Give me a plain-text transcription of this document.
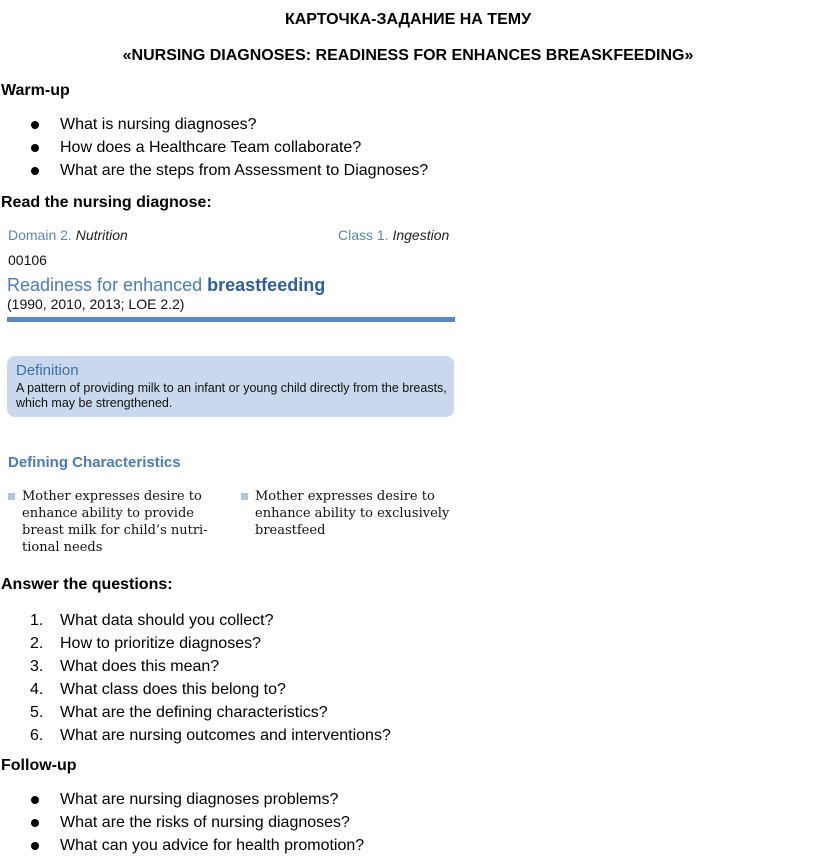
КАРТОЧКА-ЗАДАНИЕ НА ТЕМУ
«NURSING DIAGNOSES: READINESS FOR ENHANCES BREASKFEEDING»
Warm-up
What is nursing diagnoses?
How does a Healthcare Team collaborate?
What are the steps from Assessment to Diagnoses?
Read the nursing diagnose:
Domain 2. Nutrition	Class 1. Ingestion
00106
Readiness for enhanced breastfeeding
(1990, 2010, 2013; LOE 2.2)
Definition
A pattern of providing milk to an infant or young child directly from the breasts, which may be strengthened.
Defining Characteristics
Mother expresses desire to enhance ability to provide breast milk for child’s nutri-tional needs
Mother expresses desire to enhance ability to exclusively breastfeed
Answer the questions:
1.	What data should you collect?
2.	How to prioritize diagnoses?
3.	What does this mean?
4.	What class does this belong to?
5.	What are the defining characteristics?
6.	What are nursing outcomes and interventions?
Follow-up
What are nursing diagnoses problems?
What are the risks of nursing diagnoses?
What can you advice for health promotion?
